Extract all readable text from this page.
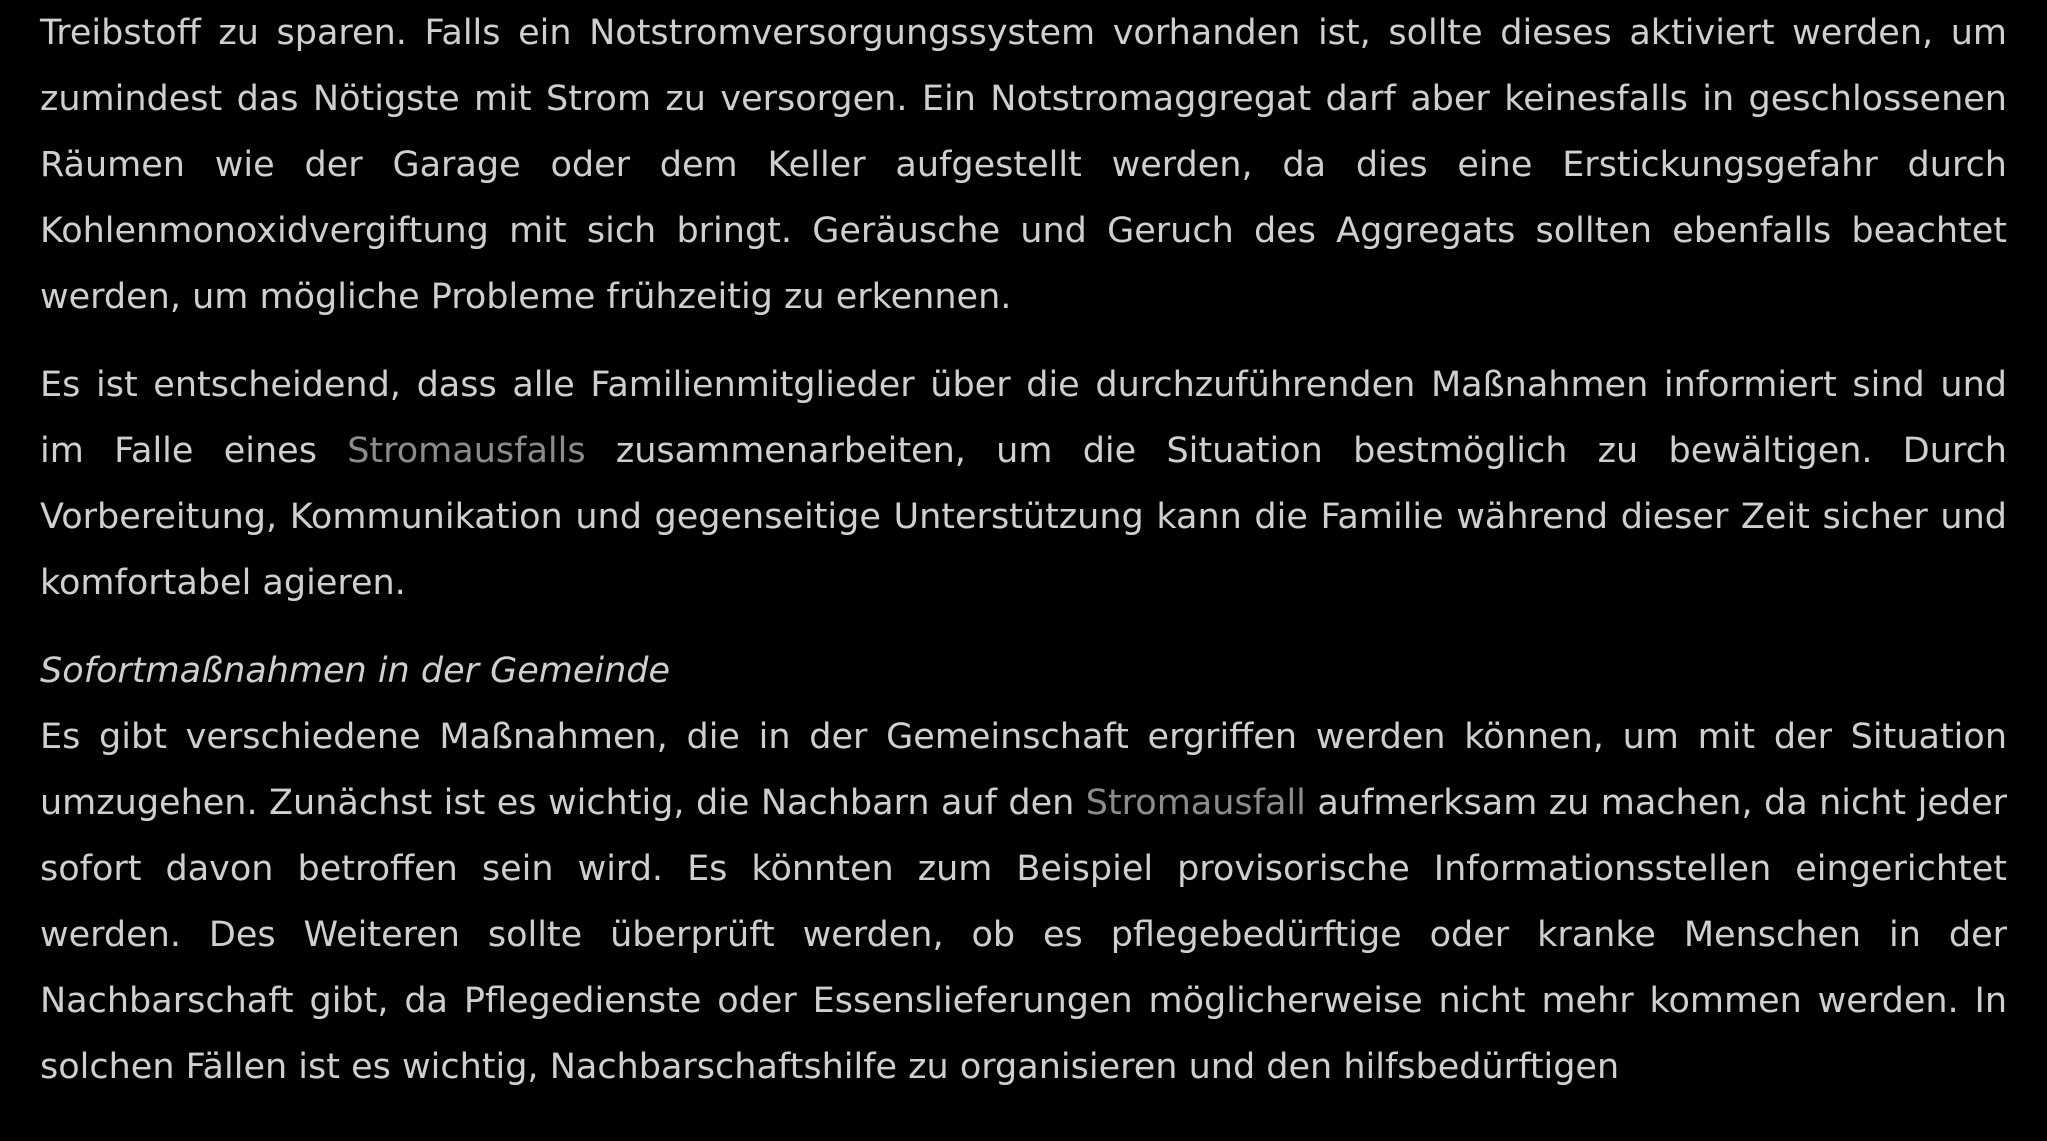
Treibstoff zu sparen. Falls ein Notstromversorgungssystem vorhanden ist, sollte dieses aktiviert werden, um zumindest das Nötigste mit Strom zu versorgen. Ein Notstromaggregat darf aber keinesfalls in geschlossenen Räumen wie der Garage oder dem Keller aufgestellt werden, da dies eine Erstickungsgefahr durch Kohlenmonoxidvergiftung mit sich bringt. Geräusche und Geruch des Aggregats sollten ebenfalls beachtet werden, um mögliche Probleme frühzeitig zu erkennen.

Es ist entscheidend, dass alle Familienmitglieder über die durchzuführenden Maßnahmen informiert sind und im Falle eines Stromausfalls zusammenarbeiten, um die Situation bestmöglich zu bewältigen. Durch Vorbereitung, Kommunikation und gegenseitige Unterstützung kann die Familie während dieser Zeit sicher und komfortabel agieren.

Sofortmaßnahmen in der Gemeinde

Es gibt verschiedene Maßnahmen, die in der Gemeinschaft ergriffen werden können, um mit der Situation umzugehen. Zunächst ist es wichtig, die Nachbarn auf den Stromausfall aufmerksam zu machen, da nicht jeder sofort davon betroffen sein wird. Es könnten zum Beispiel provisorische Informationsstellen eingerichtet werden. Des Weiteren sollte überprüft werden, ob es pflegebedürftige oder kranke Menschen in der Nachbarschaft gibt, da Pflegedienste oder Essenslieferungen möglicherweise nicht mehr kommen werden. In solchen Fällen ist es wichtig, Nachbarschaftshilfe zu organisieren und den hilfsbedürftigen
